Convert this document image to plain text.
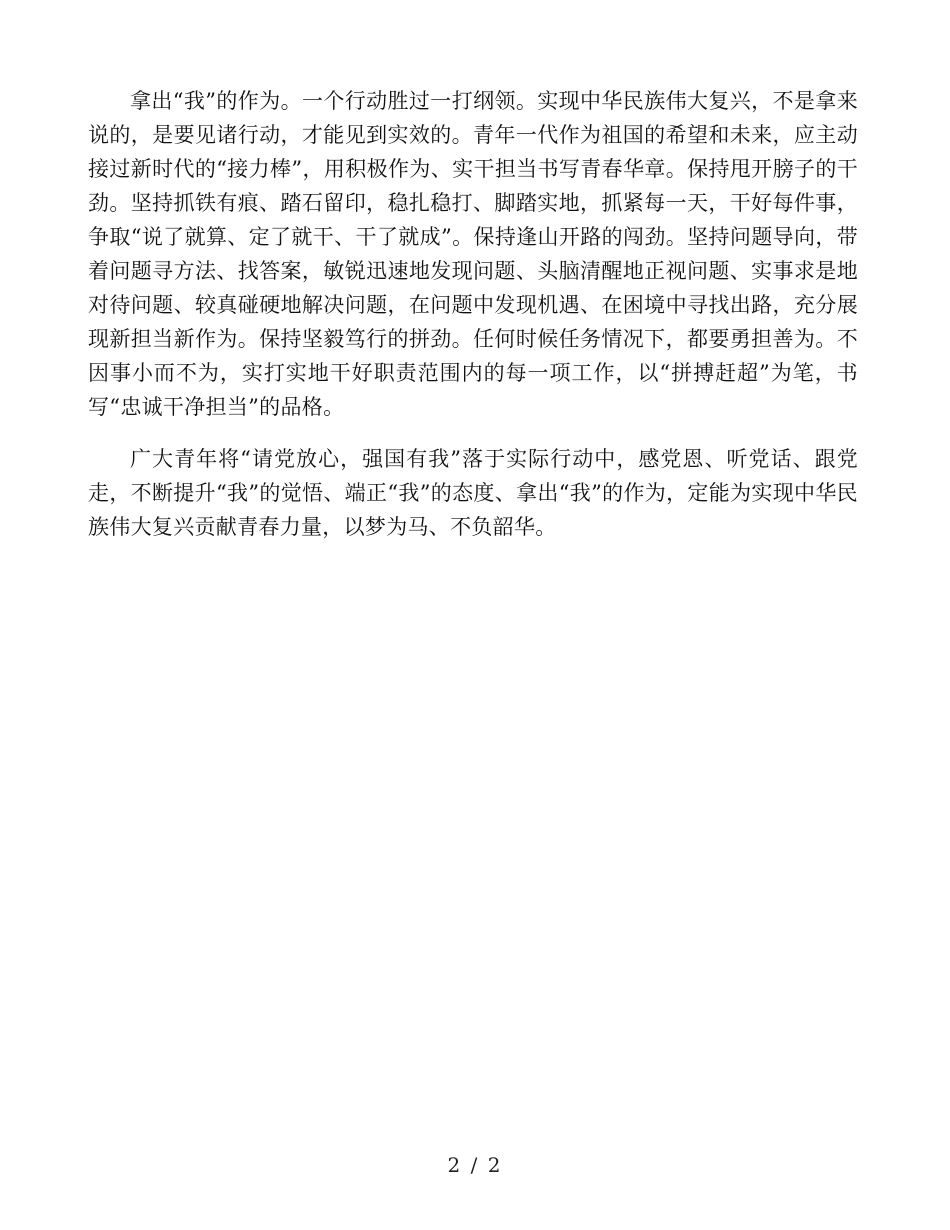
拿出“我”的作为。一个行动胜过一打纲领。实现中华民族伟大复兴，不是拿来说的，是要见诸行动，才能见到实效的。青年一代作为祖国的希望和未来，应主动接过新时代的“接力棒”，用积极作为、实干担当书写青春华章。保持甩开膀子的干劲。坚持抓铁有痕、踏石留印，稳扎稳打、脚踏实地，抓紧每一天，干好每件事，争取“说了就算、定了就干、干了就成”。保持逢山开路的闯劲。坚持问题导向，带着问题寻方法、找答案，敏锐迅速地发现问题、头脑清醒地正视问题、实事求是地对待问题、较真碰硬地解决问题，在问题中发现机遇、在困境中寻找出路，充分展现新担当新作为。保持坚毅笃行的拼劲。任何时候任务情况下，都要勇担善为。不因事小而不为，实打实地干好职责范围内的每一项工作，以“拼搏赶超”为笔，书写“忠诚干净担当”的品格。

广大青年将“请党放心，强国有我”落于实际行动中，感党恩、听党话、跟党走，不断提升“我”的觉悟、端正“我”的态度、拿出“我”的作为，定能为实现中华民族伟大复兴贡献青春力量，以梦为马、不负韶华。

2 / 2
